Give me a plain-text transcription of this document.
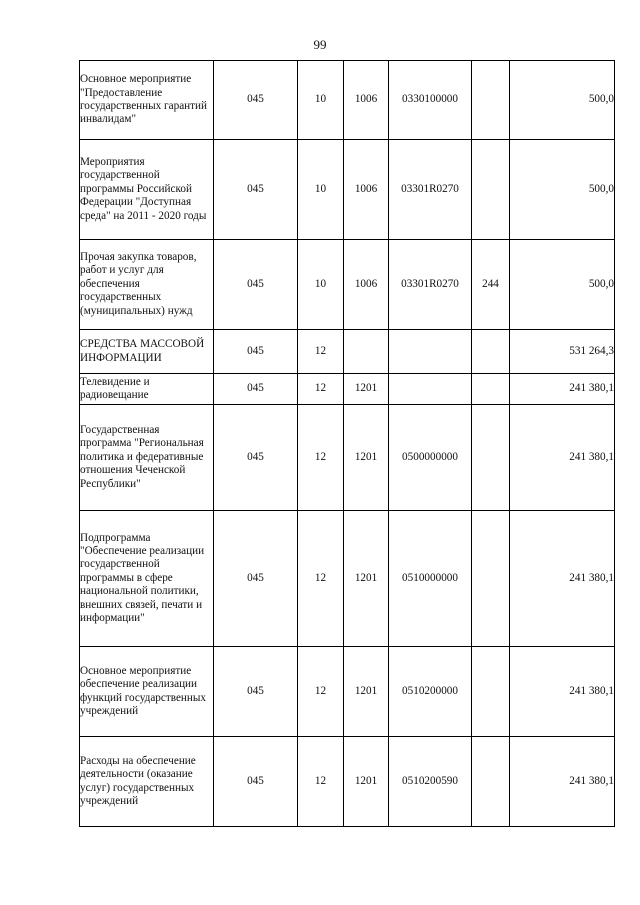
99
Основное мероприятие "Предоставление государственных гарантий инвалидам"	045	10	1006	0330100000		500,0
Мероприятия государственной программы Российской Федерации "Доступная среда" на 2011 - 2020 годы	045	10	1006	03301R0270		500,0
Прочая закупка товаров, работ и услуг для обеспечения государственных (муниципальных) нужд	045	10	1006	03301R0270	244	500,0
СРЕДСТВА МАССОВОЙ ИНФОРМАЦИИ	045	12				531 264,3
Телевидение и радиовещание	045	12	1201			241 380,1
Государственная программа "Региональная политика и федеративные отношения Чеченской Республики"	045	12	1201	0500000000		241 380,1
Подпрограмма "Обеспечение реализации государственной программы в сфере национальной политики, внешних связей, печати и информации"	045	12	1201	0510000000		241 380,1
Основное мероприятие обеспечение реализации функций государственных учреждений	045	12	1201	0510200000		241 380,1
Расходы на обеспечение деятельности (оказание услуг) государственных учреждений	045	12	1201	0510200590		241 380,1
